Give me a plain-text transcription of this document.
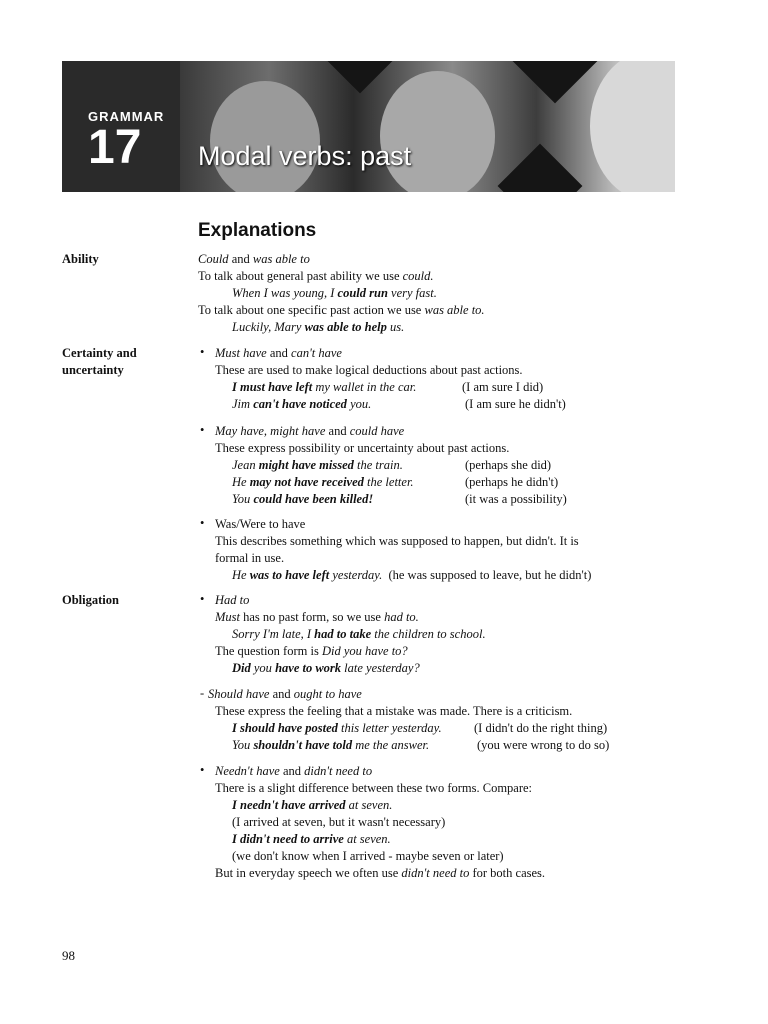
GRAMMAR
17 Modal verbs: past
Explanations
Ability
Certainty and
uncertainty
Obligation
Could and was able to
To talk about general past ability we use could.
When I was young, I could run very fast.
To talk about one specific past action we use was able to.
Luckily, Mary was able to help us.
• Must have and can't have
These are used to make logical deductions about past actions.
I must have left my wallet in the car.	(I am sure I did)
Jim can't have noticed you.	(I am sure he didn't)
• May have, might have and could have
These express possibility or uncertainty about past actions.
Jean might have missed the train.	(perhaps she did)
He may not have received the letter.	(perhaps he didn't)
You could have been killed!	(it was a possibility)
• Was/Were to have
This describes something which was supposed to happen, but didn't. It is
formal in use.
He was to have left yesterday. (he was supposed to leave, but he didn't)
• Had to
Must has no past form, so we use had to.
Sorry I'm late, I had to take the children to school.
The question form is Did you have to?
Did you have to work late yesterday?
- Should have and ought to have
These express the feeling that a mistake was made. There is a criticism.
I should have posted this letter yesterday.	(I didn't do the right thing)
You shouldn't have told me the answer.	(you were wrong to do so)
• Needn't have and didn't need to
There is a slight difference between these two forms. Compare:
I needn't have arrived at seven.
(I arrived at seven, but it wasn't necessary)
I didn't need to arrive at seven.
(we don't know when I arrived - maybe seven or later)
But in everyday speech we often use didn't need to for both cases.
98
